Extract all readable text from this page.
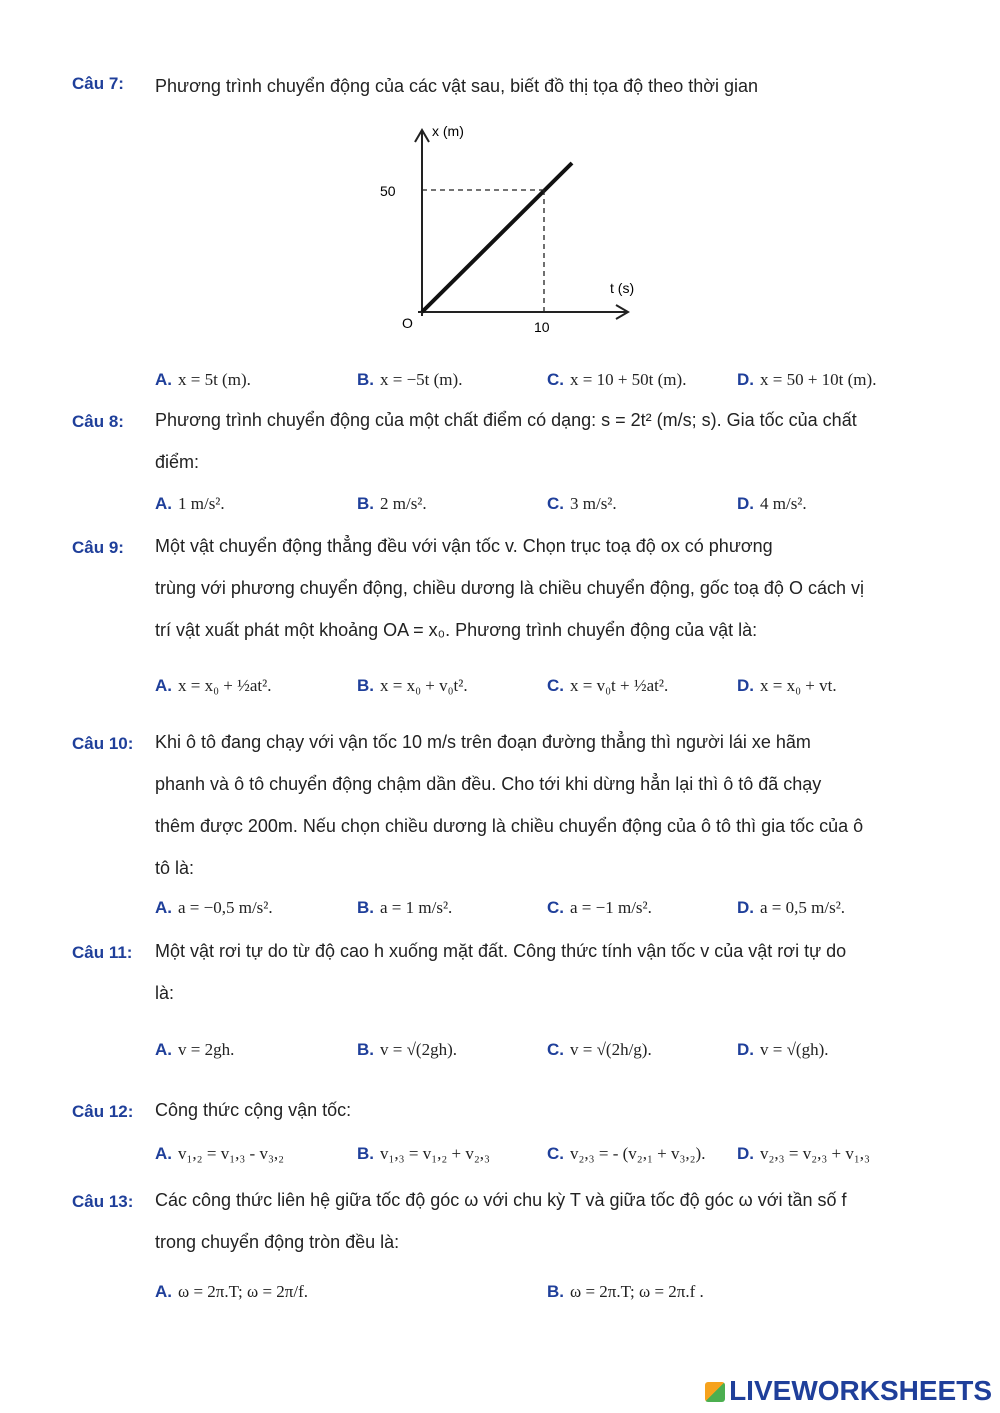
Câu 7: Phương trình chuyển động của các vật sau, biết đồ thị tọa độ theo thời gian
x (m)
t (s)
O
50
10
A. x = 5t (m).	B. x = −5t (m).	C. x = 10 + 50t (m).	D. x = 50 + 10t (m).
Câu 8: Phương trình chuyển động của một chất điểm có dạng: s = 2t² (m/s; s). Gia tốc của chất
điểm:
A. 1 m/s².	B. 2 m/s².	C. 3 m/s².	D. 4 m/s².
Câu 9: Một vật chuyển động thẳng đều với vận tốc v. Chọn trục toạ độ ox có phương
trùng với phương chuyển động, chiều dương là chiều chuyển động, gốc toạ độ O cách vị
trí vật xuất phát một khoảng OA = x₀. Phương trình chuyển động của vật là:
A. x = x₀ + ½at².	B. x = x₀ + v₀t².	C. x = v₀t + ½at².	D. x = x₀ + vt.
Câu 10: Khi ô tô đang chạy với vận tốc 10 m/s trên đoạn đường thẳng thì người lái xe hãm
phanh và ô tô chuyển động chậm dần đều. Cho tới khi dừng hẳn lại thì ô tô đã chạy
thêm được 200m. Nếu chọn chiều dương là chiều chuyển động của ô tô thì gia tốc của ô
tô là:
A. a = −0,5 m/s².	B. a = 1 m/s².	C. a = −1 m/s².	D. a = 0,5 m/s².
Câu 11: Một vật rơi tự do từ độ cao h xuống mặt đất. Công thức tính vận tốc v của vật rơi tự do
là:
A. v = 2gh.	B. v = √(2gh).	C. v = √(2h/g).	D. v = √(gh).
Câu 12: Công thức cộng vận tốc:
A. v₁,₂ = v₁,₃ - v₃,₂	B. v₁,₃ = v₁,₂ + v₂,₃	C. v₂,₃ = - (v₂,₁ + v₃,₂). D. v₂,₃ = v₂,₃ + v₁,₃
Câu 13: Các công thức liên hệ giữa tốc độ góc ω với chu kỳ T và giữa tốc độ góc ω với tần số f
trong chuyển động tròn đều là:
A. ω = 2π.T; ω = 2π/f.	B. ω = 2π.T; ω = 2π.f .
LIVEWORKSHEETS
